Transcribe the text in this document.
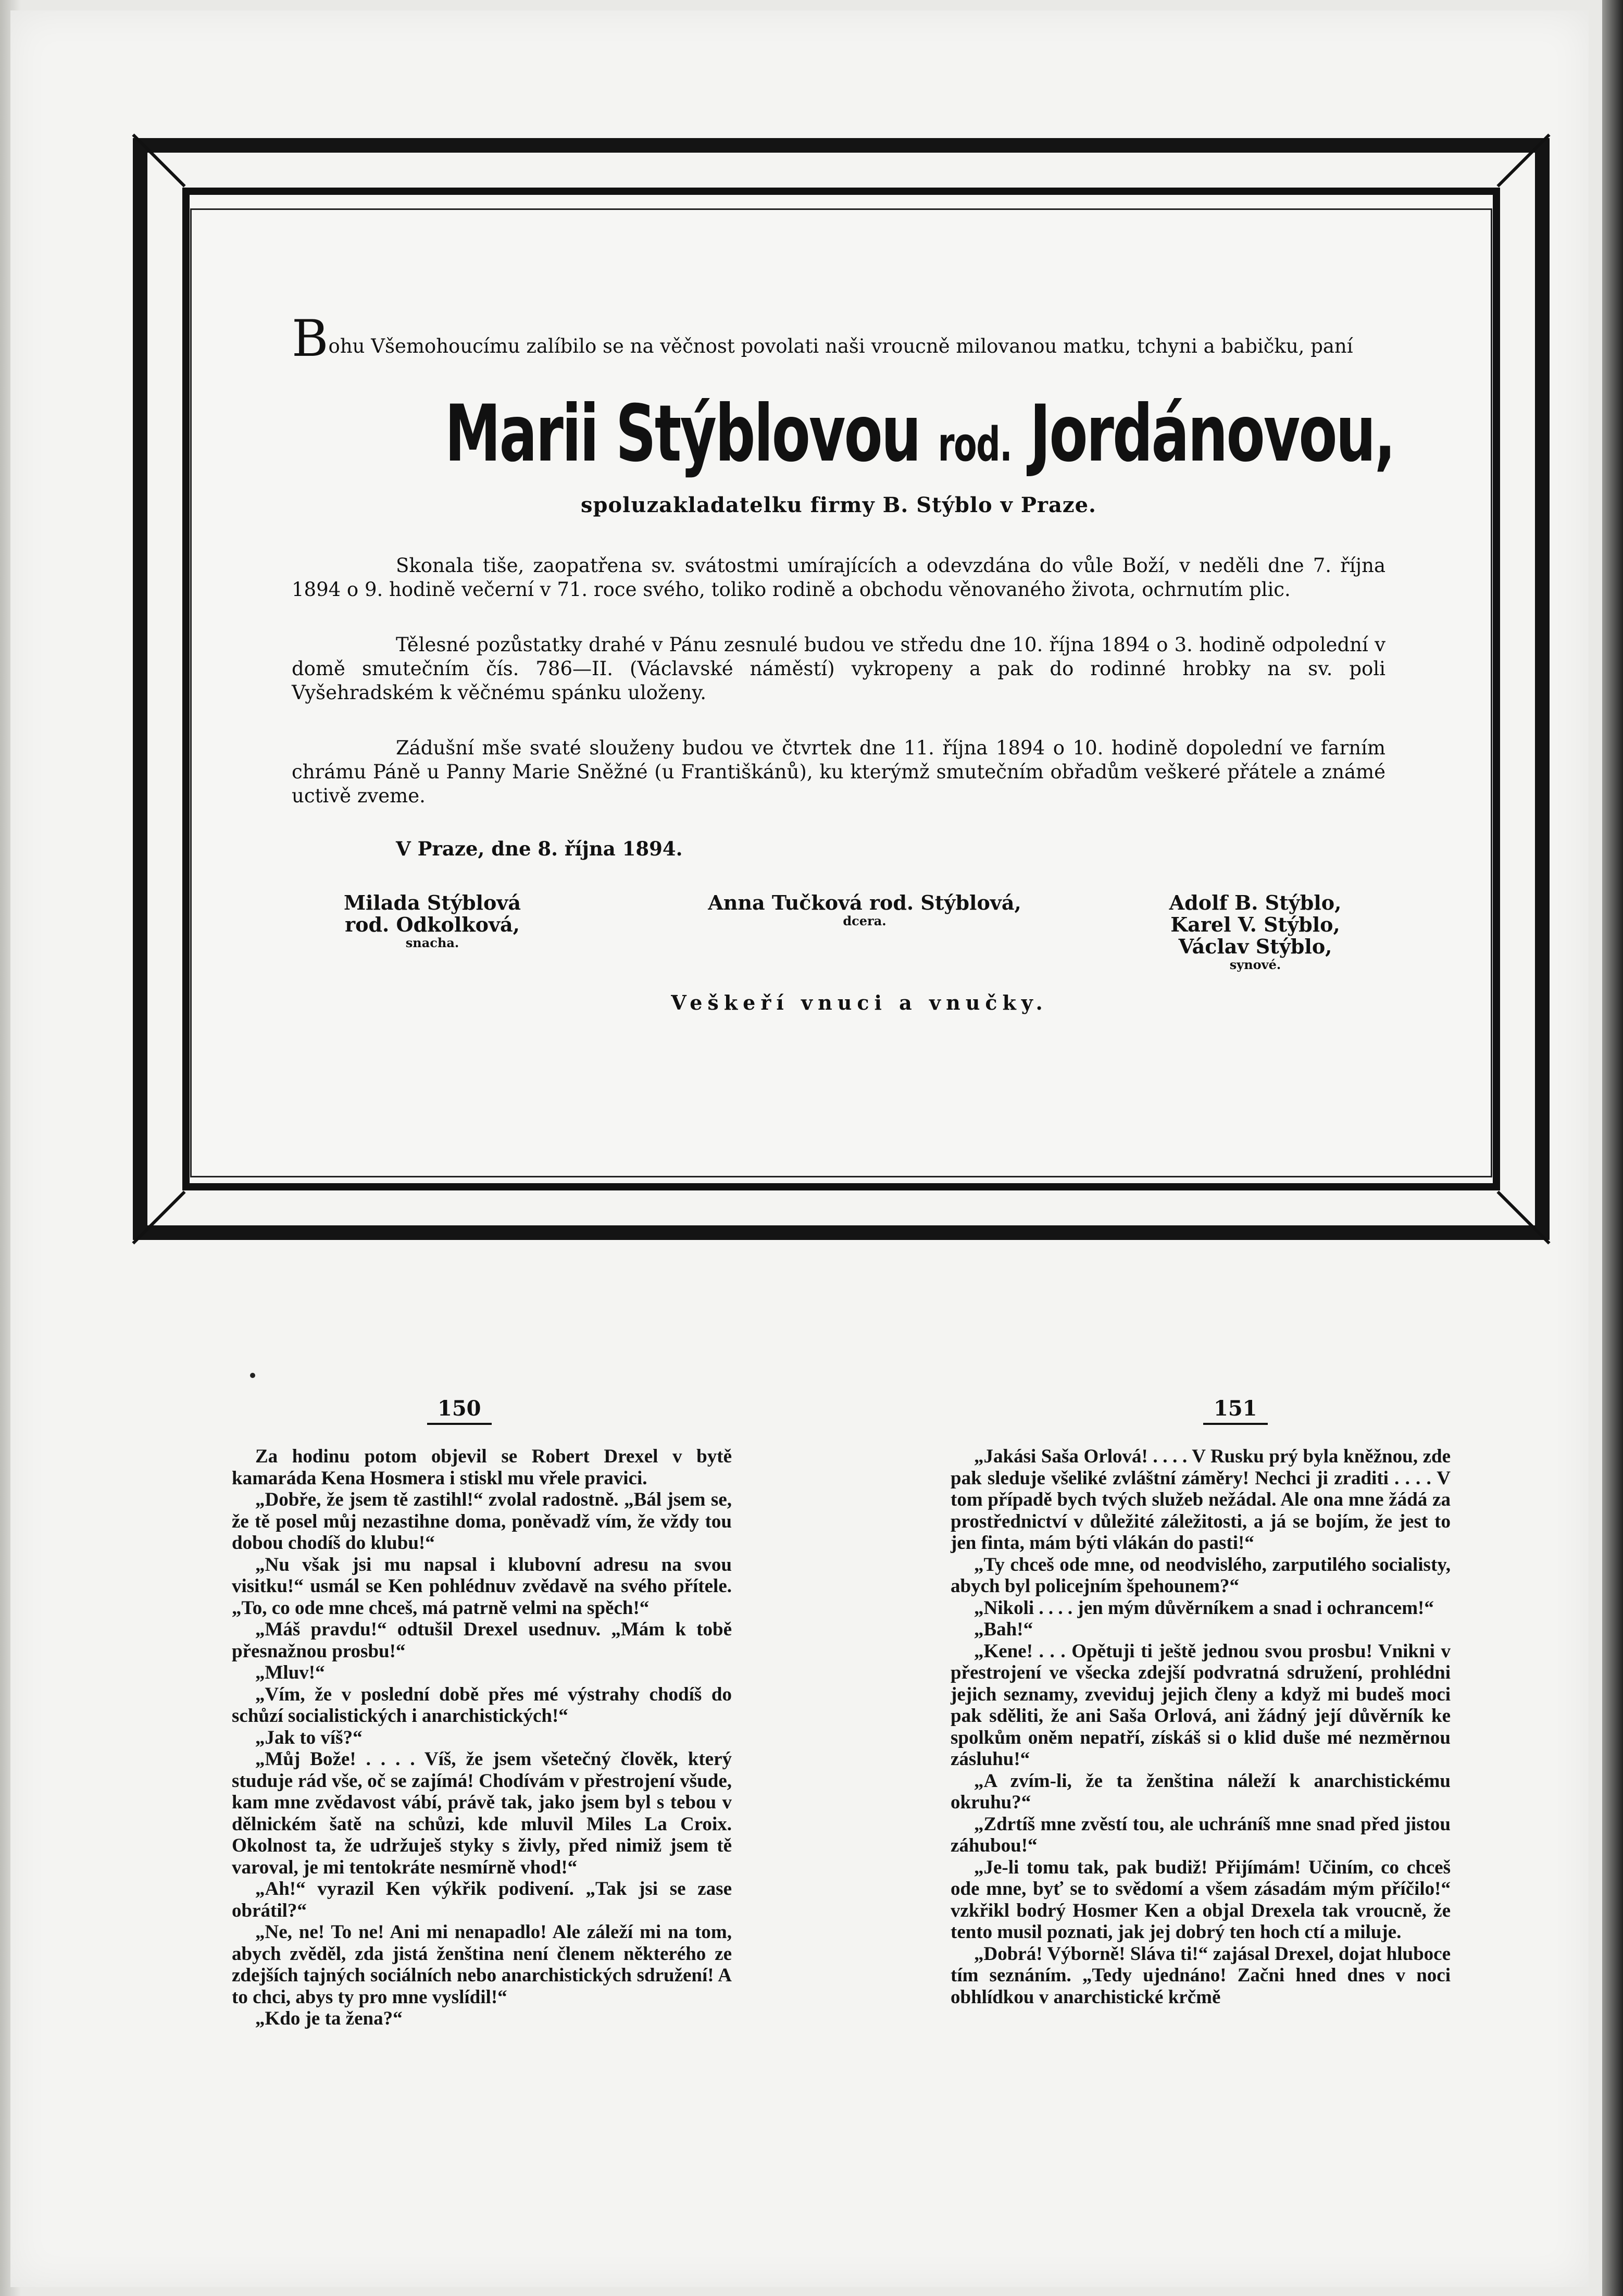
Bohu Všemohoucímu zalíbilo se na věčnost povolati naši vroucně milovanou matku, tchyni a babičku, paní
Marii Stýblovou rod. Jordánovou,
spoluzakladatelku firmy B. Stýblo v Praze.

Skonala tiše, zaopatřena sv. svátostmi umírajících a odevzdána do vůle Boží, v neděli dne 7. října 1894 o 9. hodině večerní v 71. roce svého, toliko rodině a obchodu věnovaného života, ochrnutím plic.

Tělesné pozůstatky drahé v Pánu zesnulé budou ve středu dne 10. října 1894 o 3. hodině odpolední v domě smutečním čís. 786—II. (Václavské náměstí) vykropeny a pak do rodinné hrobky na sv. poli Vyšehradském k věčnému spánku uloženy.

Zádušní mše svaté slouženy budou ve čtvrtek dne 11. října 1894 o 10. hodině dopolední ve farním chrámu Páně u Panny Marie Sněžné (u Františkánů), ku kterýmž smutečním obřadům veškeré přátele a známé uctivě zveme.

V Praze, dne 8. října 1894.
Milada Stýblová
rod. Odkolková,
snacha.
Anna Tučková rod. Stýblová,
dcera.
Adolf B. Stýblo,
Karel V. Stýblo,
Václav Stýblo,
synové.
Veškeří vnuci a vnučky.
150	151

Za hodinu potom objevil se Robert Drexel v bytě kamaráda Kena Hosmera i stiskl mu vřele pravici.

„Dobře, že jsem tě zastihl!“ zvolal radostně. „Bál jsem se, že tě posel můj nezastihne doma, poněvadž vím, že vždy tou dobou chodíš do klubu!“

„Nu však jsi mu napsal i klubovní adresu na svou visitku!“ usmál se Ken pohlédnuv zvědavě na svého přítele. „To, co ode mne chceš, má patrně velmi na spěch!“

„Máš pravdu!“ odtušil Drexel usednuv. „Mám k tobě přesnažnou prosbu!“

„Mluv!“

„Vím, že v poslední době přes mé výstrahy chodíš do schůzí socialistických i anarchistických!“

„Jak to víš?“

„Můj Bože! . . . . Víš, že jsem všetečný člověk, který studuje rád vše, oč se zajímá! Chodívám v přestrojení všude, kam mne zvědavost vábí, právě tak, jako jsem byl s tebou v dělnickém šatě na schůzi, kde mluvil Miles La Croix. Okolnost ta, že udržuješ styky s živly, před nimiž jsem tě varoval, je mi tentokráte nesmírně vhod!“

„Ah!“ vyrazil Ken výkřik podivení. „Tak jsi se zase obrátil?“

„Ne, ne! To ne! Ani mi nenapadlo! Ale záleží mi na tom, abych zvěděl, zda jistá ženština není členem některého ze zdejších tajných sociálních nebo anarchistických sdružení! A to chci, abys ty pro mne vyslídil!“

„Kdo je ta žena?“

„Jakási Saša Orlová! . . . . V Rusku prý byla kněžnou, zde pak sleduje všeliké zvláštní záměry! Nechci ji zraditi . . . . V tom případě bych tvých služeb nežádal. Ale ona mne žádá za prostřednictví v důležité záležitosti, a já se bojím, že jest to jen finta, mám býti vlákán do pasti!“

„Ty chceš ode mne, od neodvislého, zarputilého socialisty, abych byl policejním špehounem?“

„Nikoli . . . . jen mým důvěrníkem a snad i ochrancem!“

„Bah!“

„Kene! . . . Opětuji ti ještě jednou svou prosbu! Vnikni v přestrojení ve všecka zdejší podvratná sdružení, prohlédni jejich seznamy, zveviduj jejich členy a když mi budeš moci pak sděliti, že ani Saša Orlová, ani žádný její důvěrník ke spolkům oněm nepatří, získáš si o klid duše mé nezměrnou zásluhu!“

„A zvím-li, že ta ženština náleží k anarchistickému okruhu?“

„Zdrtíš mne zvěstí tou, ale uchráníš mne snad před jistou záhubou!“

„Je-li tomu tak, pak budiž! Přijímám! Učiním, co chceš ode mne, byť se to svědomí a všem zásadám mým příčilo!“ vzkřikl bodrý Hosmer Ken a objal Drexela tak vroucně, že tento musil poznati, jak jej dobrý ten hoch ctí a miluje.

„Dobrá! Výborně! Sláva ti!“ zajásal Drexel, dojat hluboce tím seznáním. „Tedy ujednáno! Začni hned dnes v noci obhlídkou v anarchistické krčmě
